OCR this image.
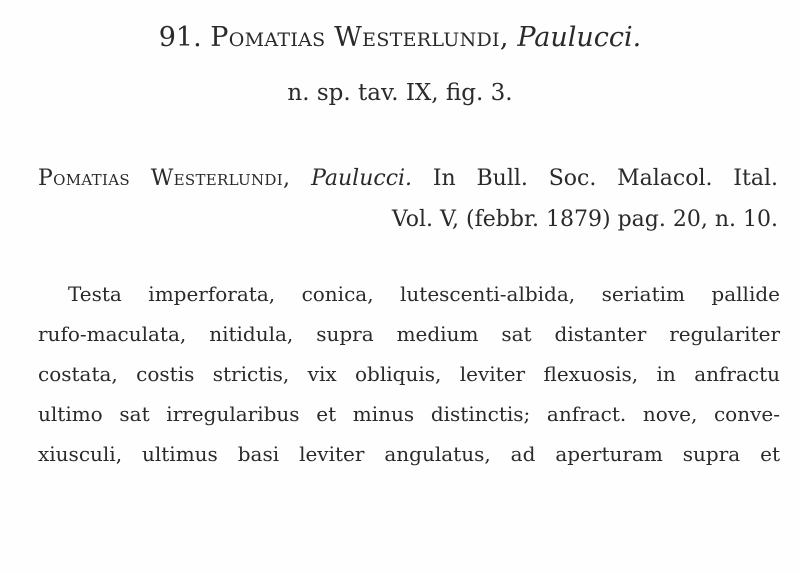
91. Pomatias Westerlundi, Paulucci.
n. sp. tav. IX, fig. 3.
Pomatias Westerlundi, Paulucci. In Bull. Soc. Malacol. Ital.
Vol. V, (febbr. 1879) pag. 20, n. 10.
Testa imperforata, conica, lutescenti-albida, seriatim pallide
rufo-maculata, nitidula, supra medium sat distanter regulariter
costata, costis strictis, vix obliquis, leviter flexuosis, in anfractu
ultimo sat irregularibus et minus distinctis; anfract. nove, conve-
xiusculi, ultimus basi leviter angulatus, ad aperturam supra et
